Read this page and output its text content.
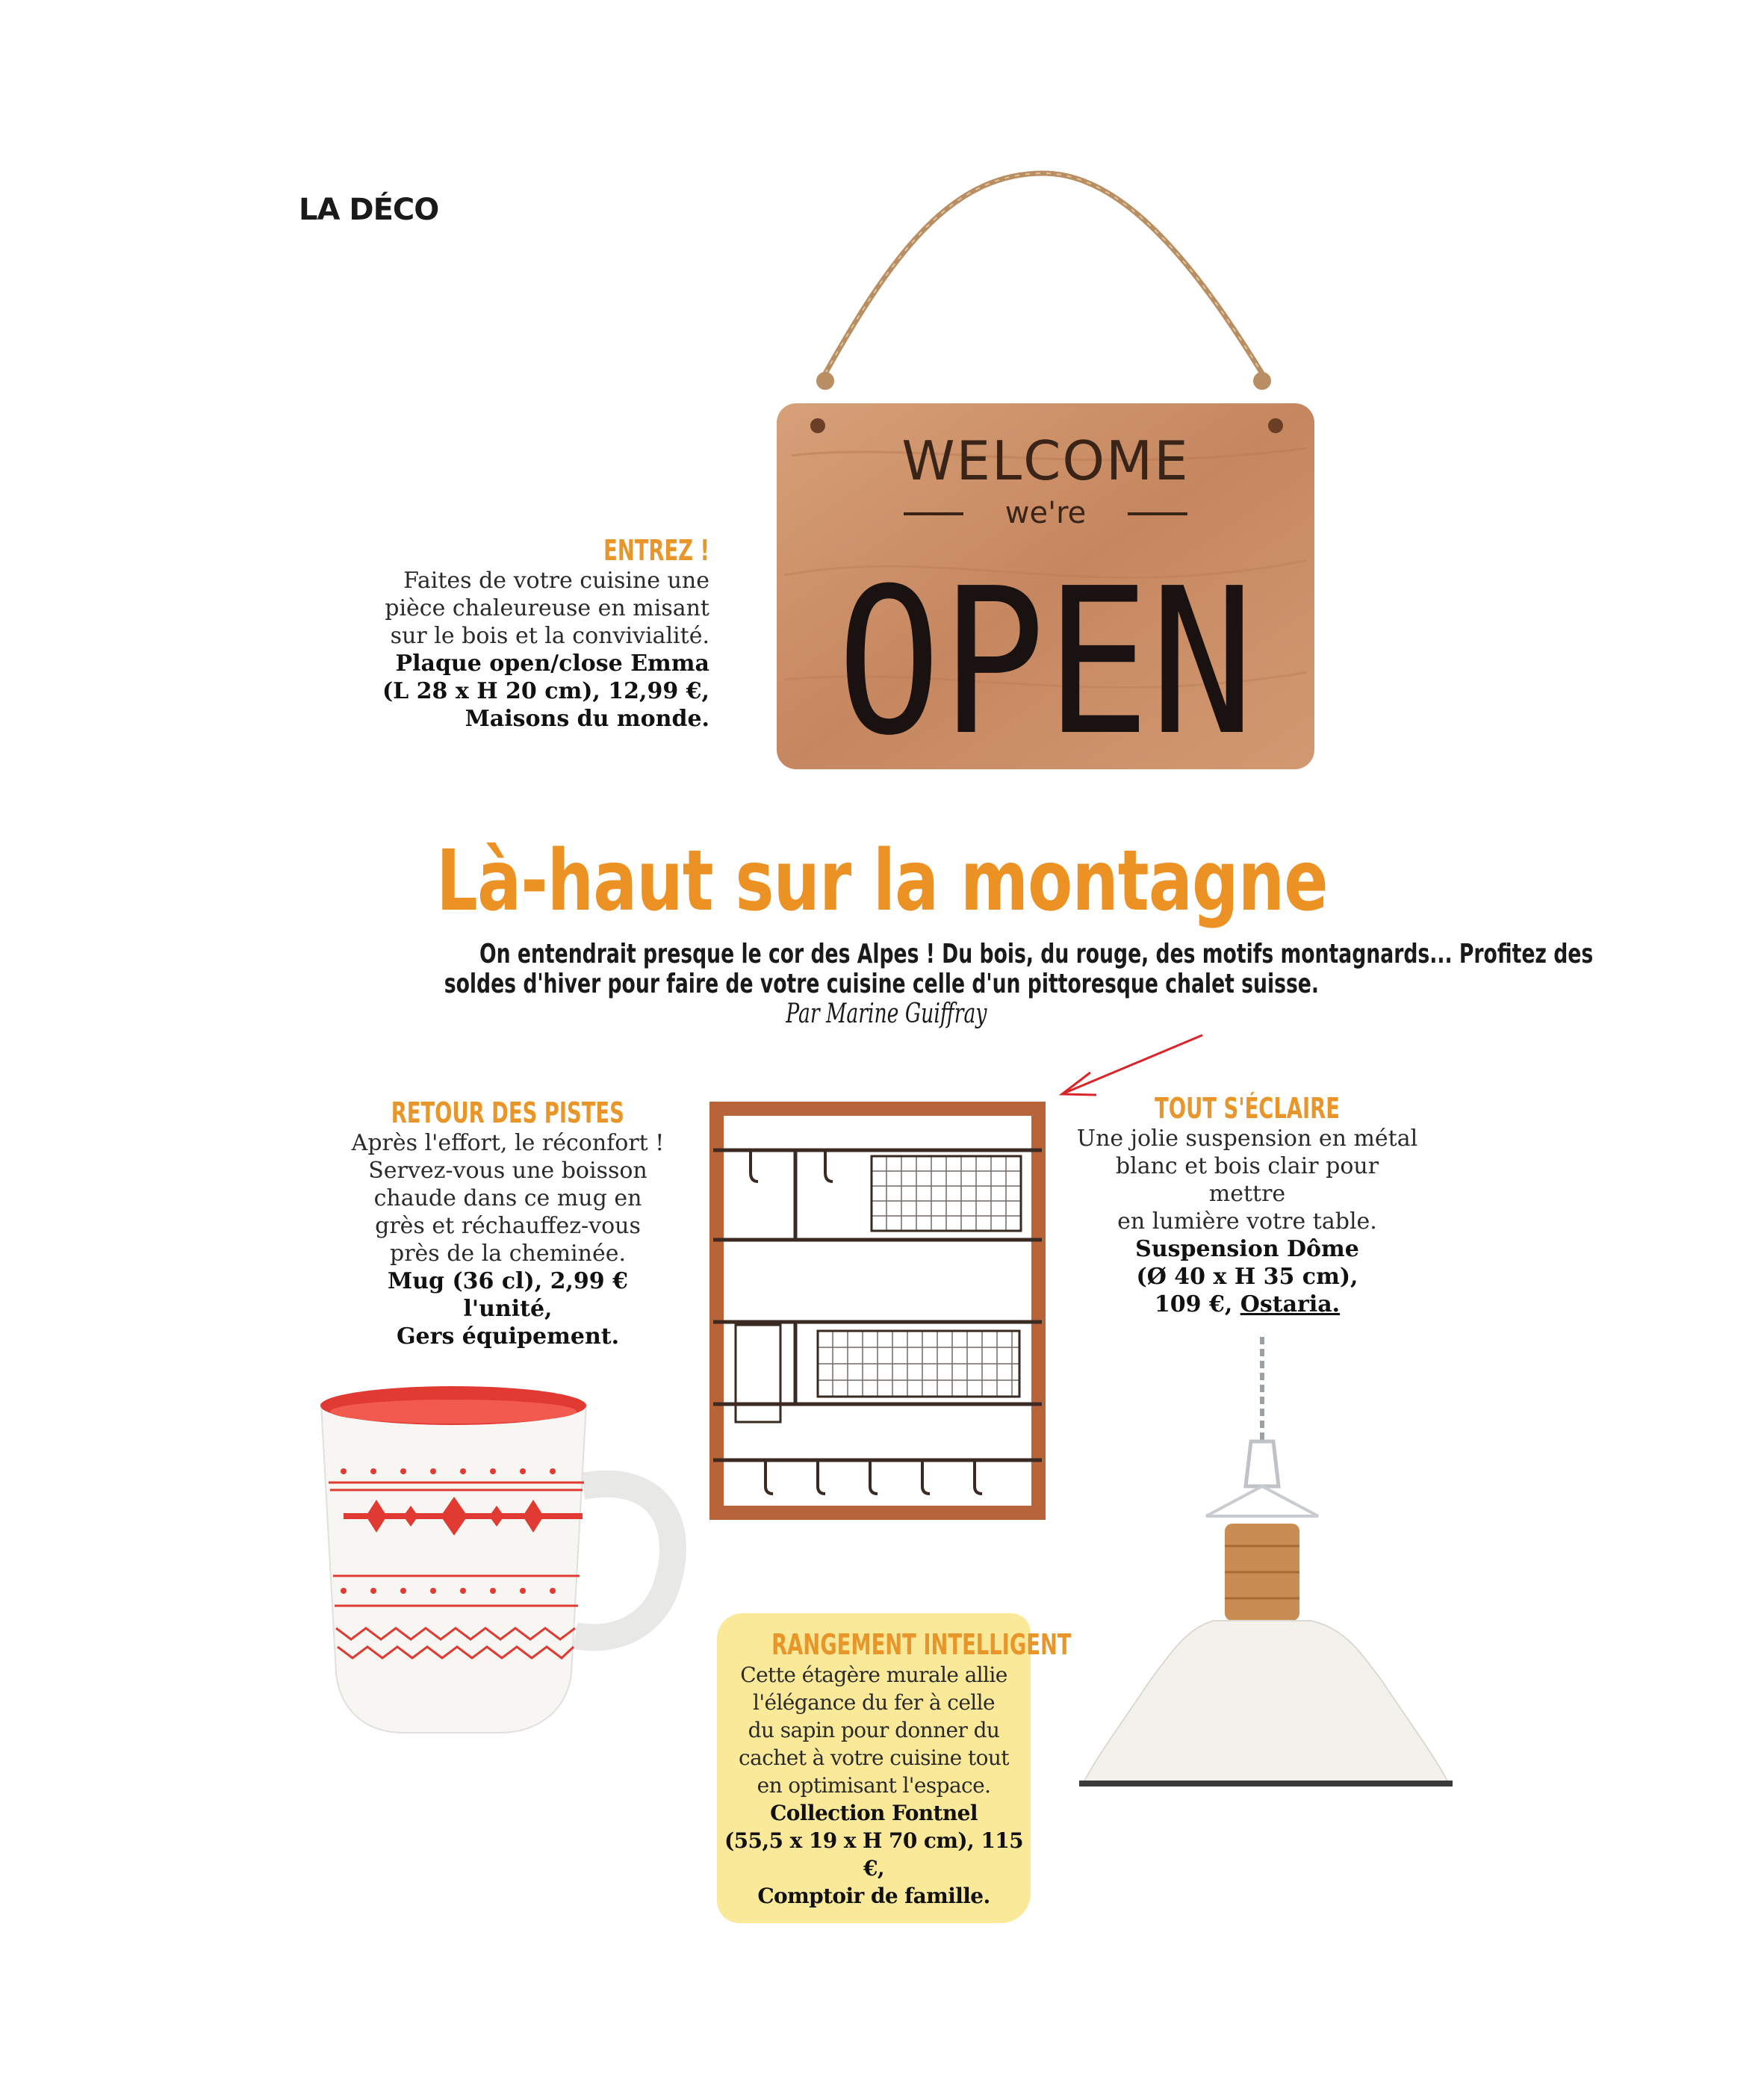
LA DÉCO
WELCOME
we're
OPEN
ENTREZ !
Faites de votre cuisine une
pièce chaleureuse en misant
sur le bois et la convivialité.
Plaque open/close Emma
(L 28 x H 20 cm), 12,99 €,
Maisons du monde.
Là-haut sur la montagne
On entendrait presque le cor des Alpes ! Du bois, du rouge, des motifs montagnards... Profitez des
soldes d'hiver pour faire de votre cuisine celle d'un pittoresque chalet suisse.Par Marine Guiffray
RETOUR DES PISTES
Après l'effort, le réconfort !
Servez-vous une boisson
chaude dans ce mug en
grès et réchauffez-vous
près de la cheminée.
Mug (36 cl), 2,99 € l'unité,
Gers équipement.
TOUT S'ÉCLAIRE
Une jolie suspension en métal
blanc et bois clair pour mettre
en lumière votre table.
Suspension Dôme
(Ø 40 x H 35 cm),
109 €, Ostaria.
RANGEMENT INTELLIGENT
Cette étagère murale allie
l'élégance du fer à celle
du sapin pour donner du
cachet à votre cuisine tout
en optimisant l'espace.
Collection Fontnel
(55,5 x 19 x H 70 cm), 115 €,
Comptoir de famille.
